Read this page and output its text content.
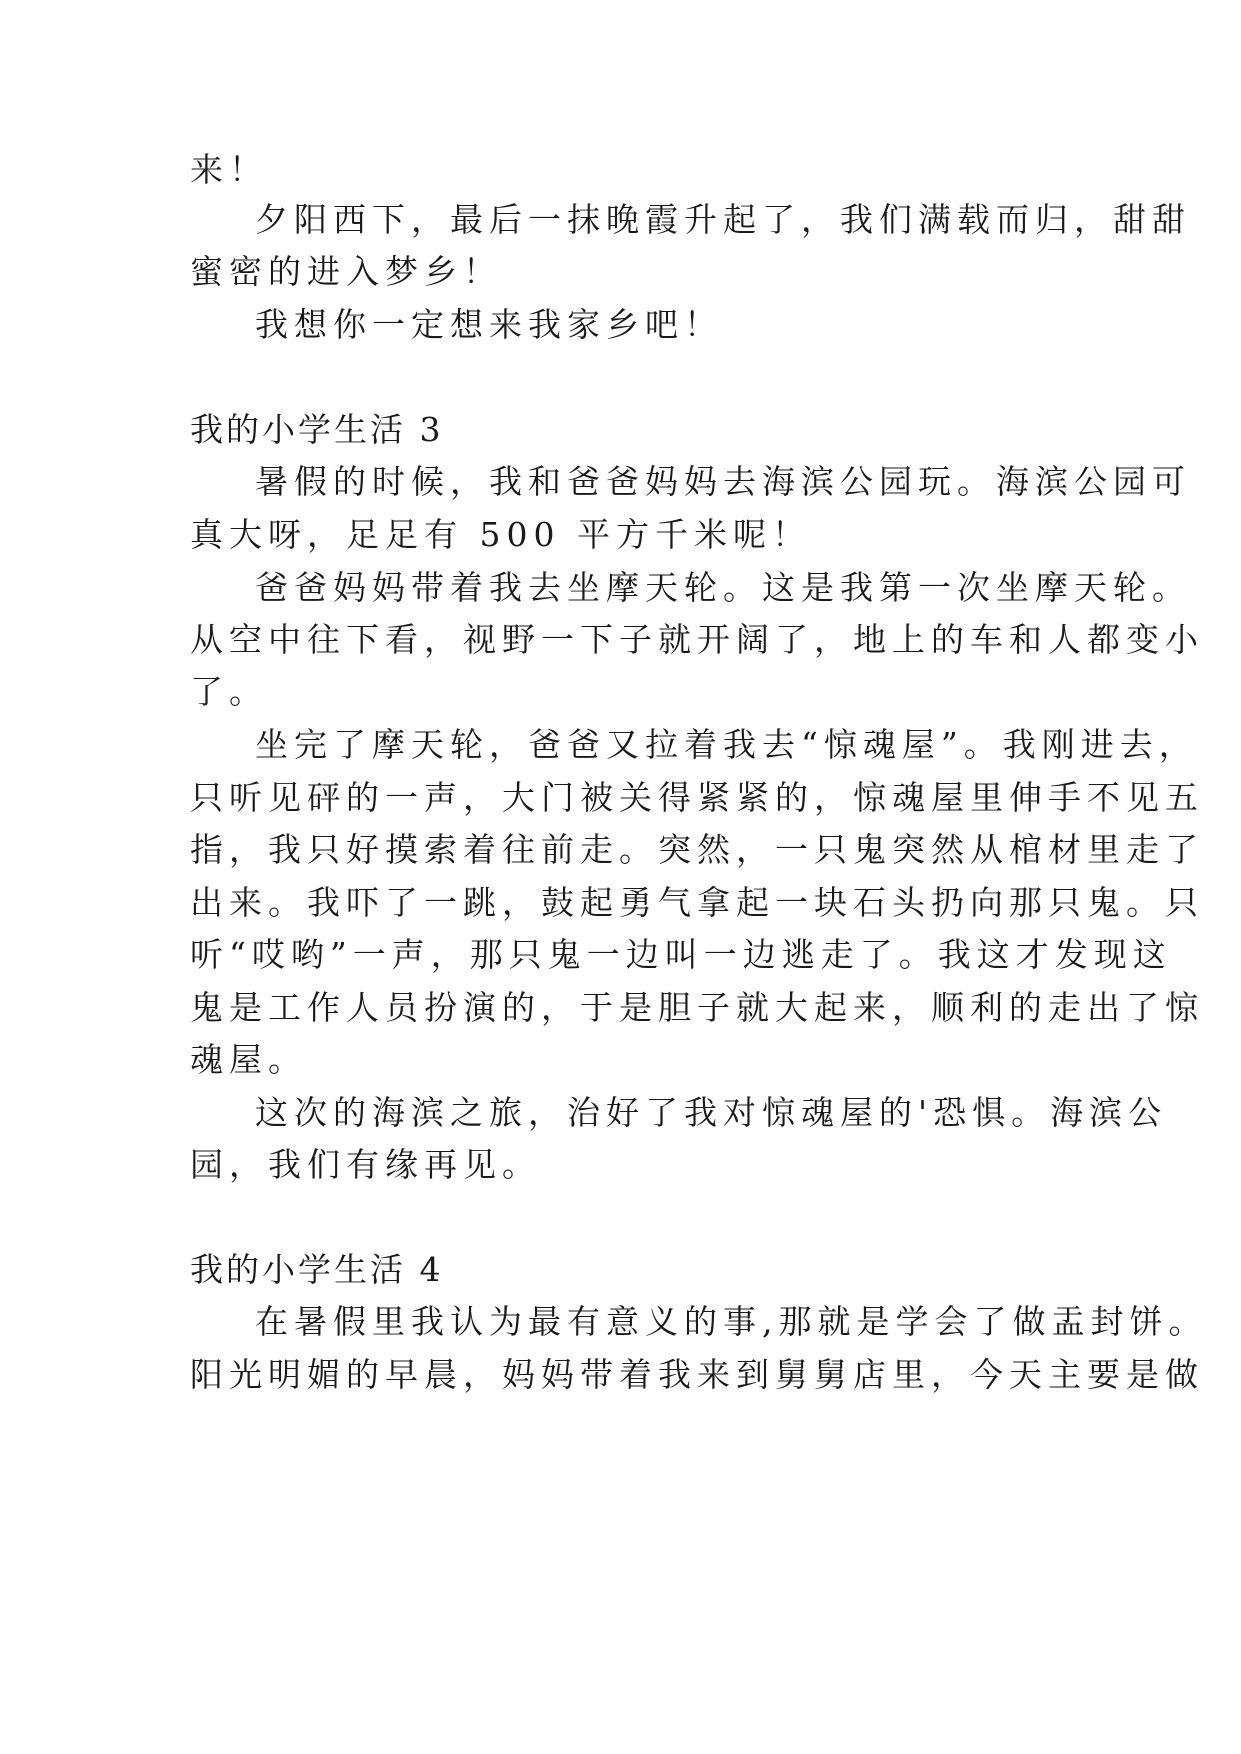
来！
夕阳西下，最后一抹晚霞升起了，我们满载而归，甜甜
蜜密的进入梦乡！
我想你一定想来我家乡吧！
我的小学生活 3
暑假的时候，我和爸爸妈妈去海滨公园玩。海滨公园可
真大呀，足足有 500 平方千米呢！
爸爸妈妈带着我去坐摩天轮。这是我第一次坐摩天轮。
从空中往下看，视野一下子就开阔了，地上的车和人都变小
了。
坐完了摩天轮，爸爸又拉着我去“惊魂屋”。我刚进去，
只听见砰的一声，大门被关得紧紧的，惊魂屋里伸手不见五
指，我只好摸索着往前走。突然，一只鬼突然从棺材里走了
出来。我吓了一跳，鼓起勇气拿起一块石头扔向那只鬼。只
听“哎哟”一声，那只鬼一边叫一边逃走了。我这才发现这
鬼是工作人员扮演的，于是胆子就大起来，顺利的走出了惊
魂屋。
这次的海滨之旅，治好了我对惊魂屋的'恐惧。海滨公
园，我们有缘再见。
我的小学生活 4
在暑假里我认为最有意义的事,那就是学会了做盂封饼。
阳光明媚的早晨，妈妈带着我来到舅舅店里，今天主要是做
